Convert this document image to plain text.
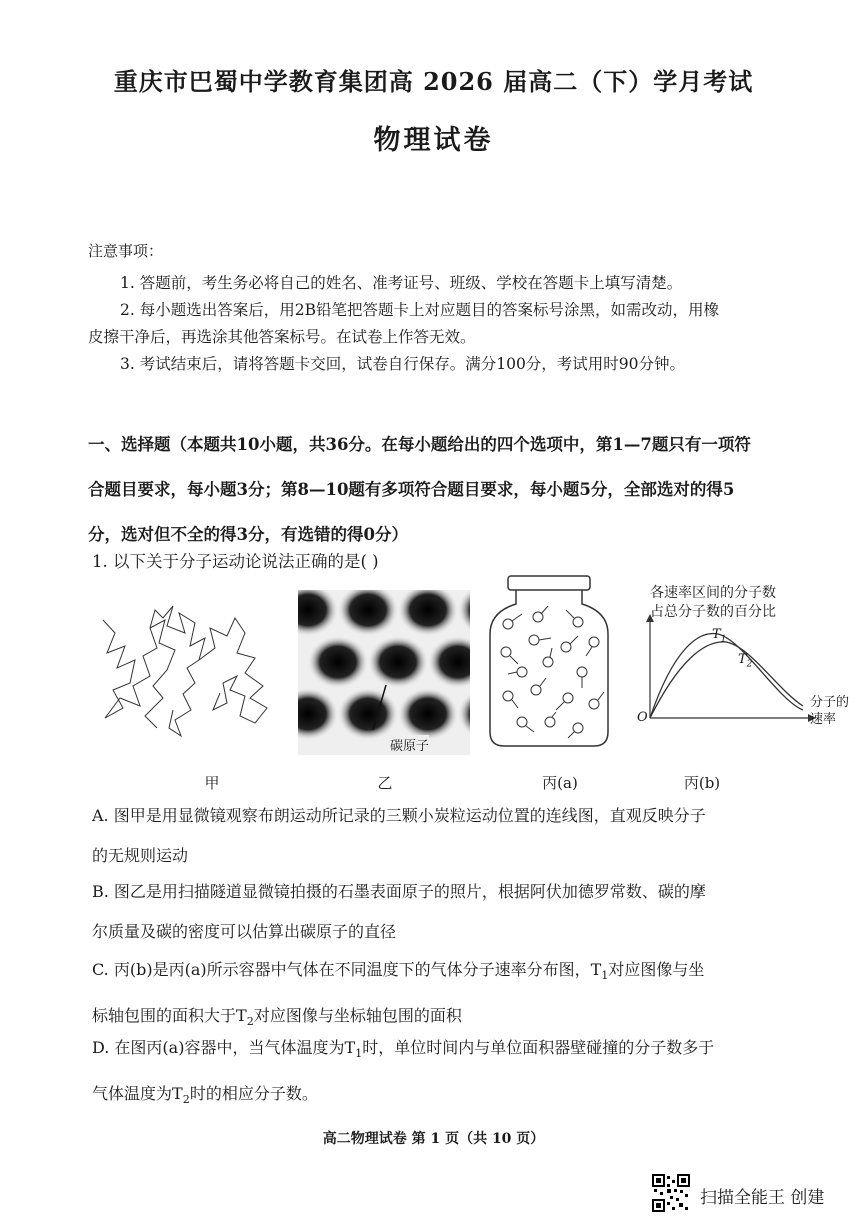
重庆市巴蜀中学教育集团高 2026 届高二（下）学月考试
物理试卷
注意事项：
1. 答题前，考生务必将自己的姓名、准考证号、班级、学校在答题卡上填写清楚。
2. 每小题选出答案后，用2B铅笔把答题卡上对应题目的答案标号涂黑，如需改动，用橡
皮擦干净后，再选涂其他答案标号。在试卷上作答无效。
3. 考试结束后，请将答题卡交回，试卷自行保存。满分100分，考试用时90分钟。
一、选择题（本题共10小题，共36分。在每小题给出的四个选项中，第1—7题只有一项符
合题目要求，每小题3分；第8—10题有多项符合题目要求，每小题5分，全部选对的得5
分，选对但不全的得3分，有选错的得0分）
1. 以下关于分子运动论说法正确的是( )
甲
碳原子
乙	丙(a)
各速率区间的分子数
占总分子数的百分比
$T_1$
$T_2$
O
分子的
速率
丙(b)
A. 图甲是用显微镜观察布朗运动所记录的三颗小炭粒运动位置的连线图，直观反映分子
的无规则运动
B. 图乙是用扫描隧道显微镜拍摄的石墨表面原子的照片，根据阿伏加德罗常数、碳的摩
尔质量及碳的密度可以估算出碳原子的直径
C. 丙(b)是丙(a)所示容器中气体在不同温度下的气体分子速率分布图，$T_1$对应图像与坐
标轴包围的面积大于$T_2$对应图像与坐标轴包围的面积
D. 在图丙(a)容器中，当气体温度为$T_1$时，单位时间内与单位面积器壁碰撞的分子数多于
气体温度为$T_2$时的相应分子数。
高二物理试卷 第 1 页（共 10 页）
扫描全能王 创建
